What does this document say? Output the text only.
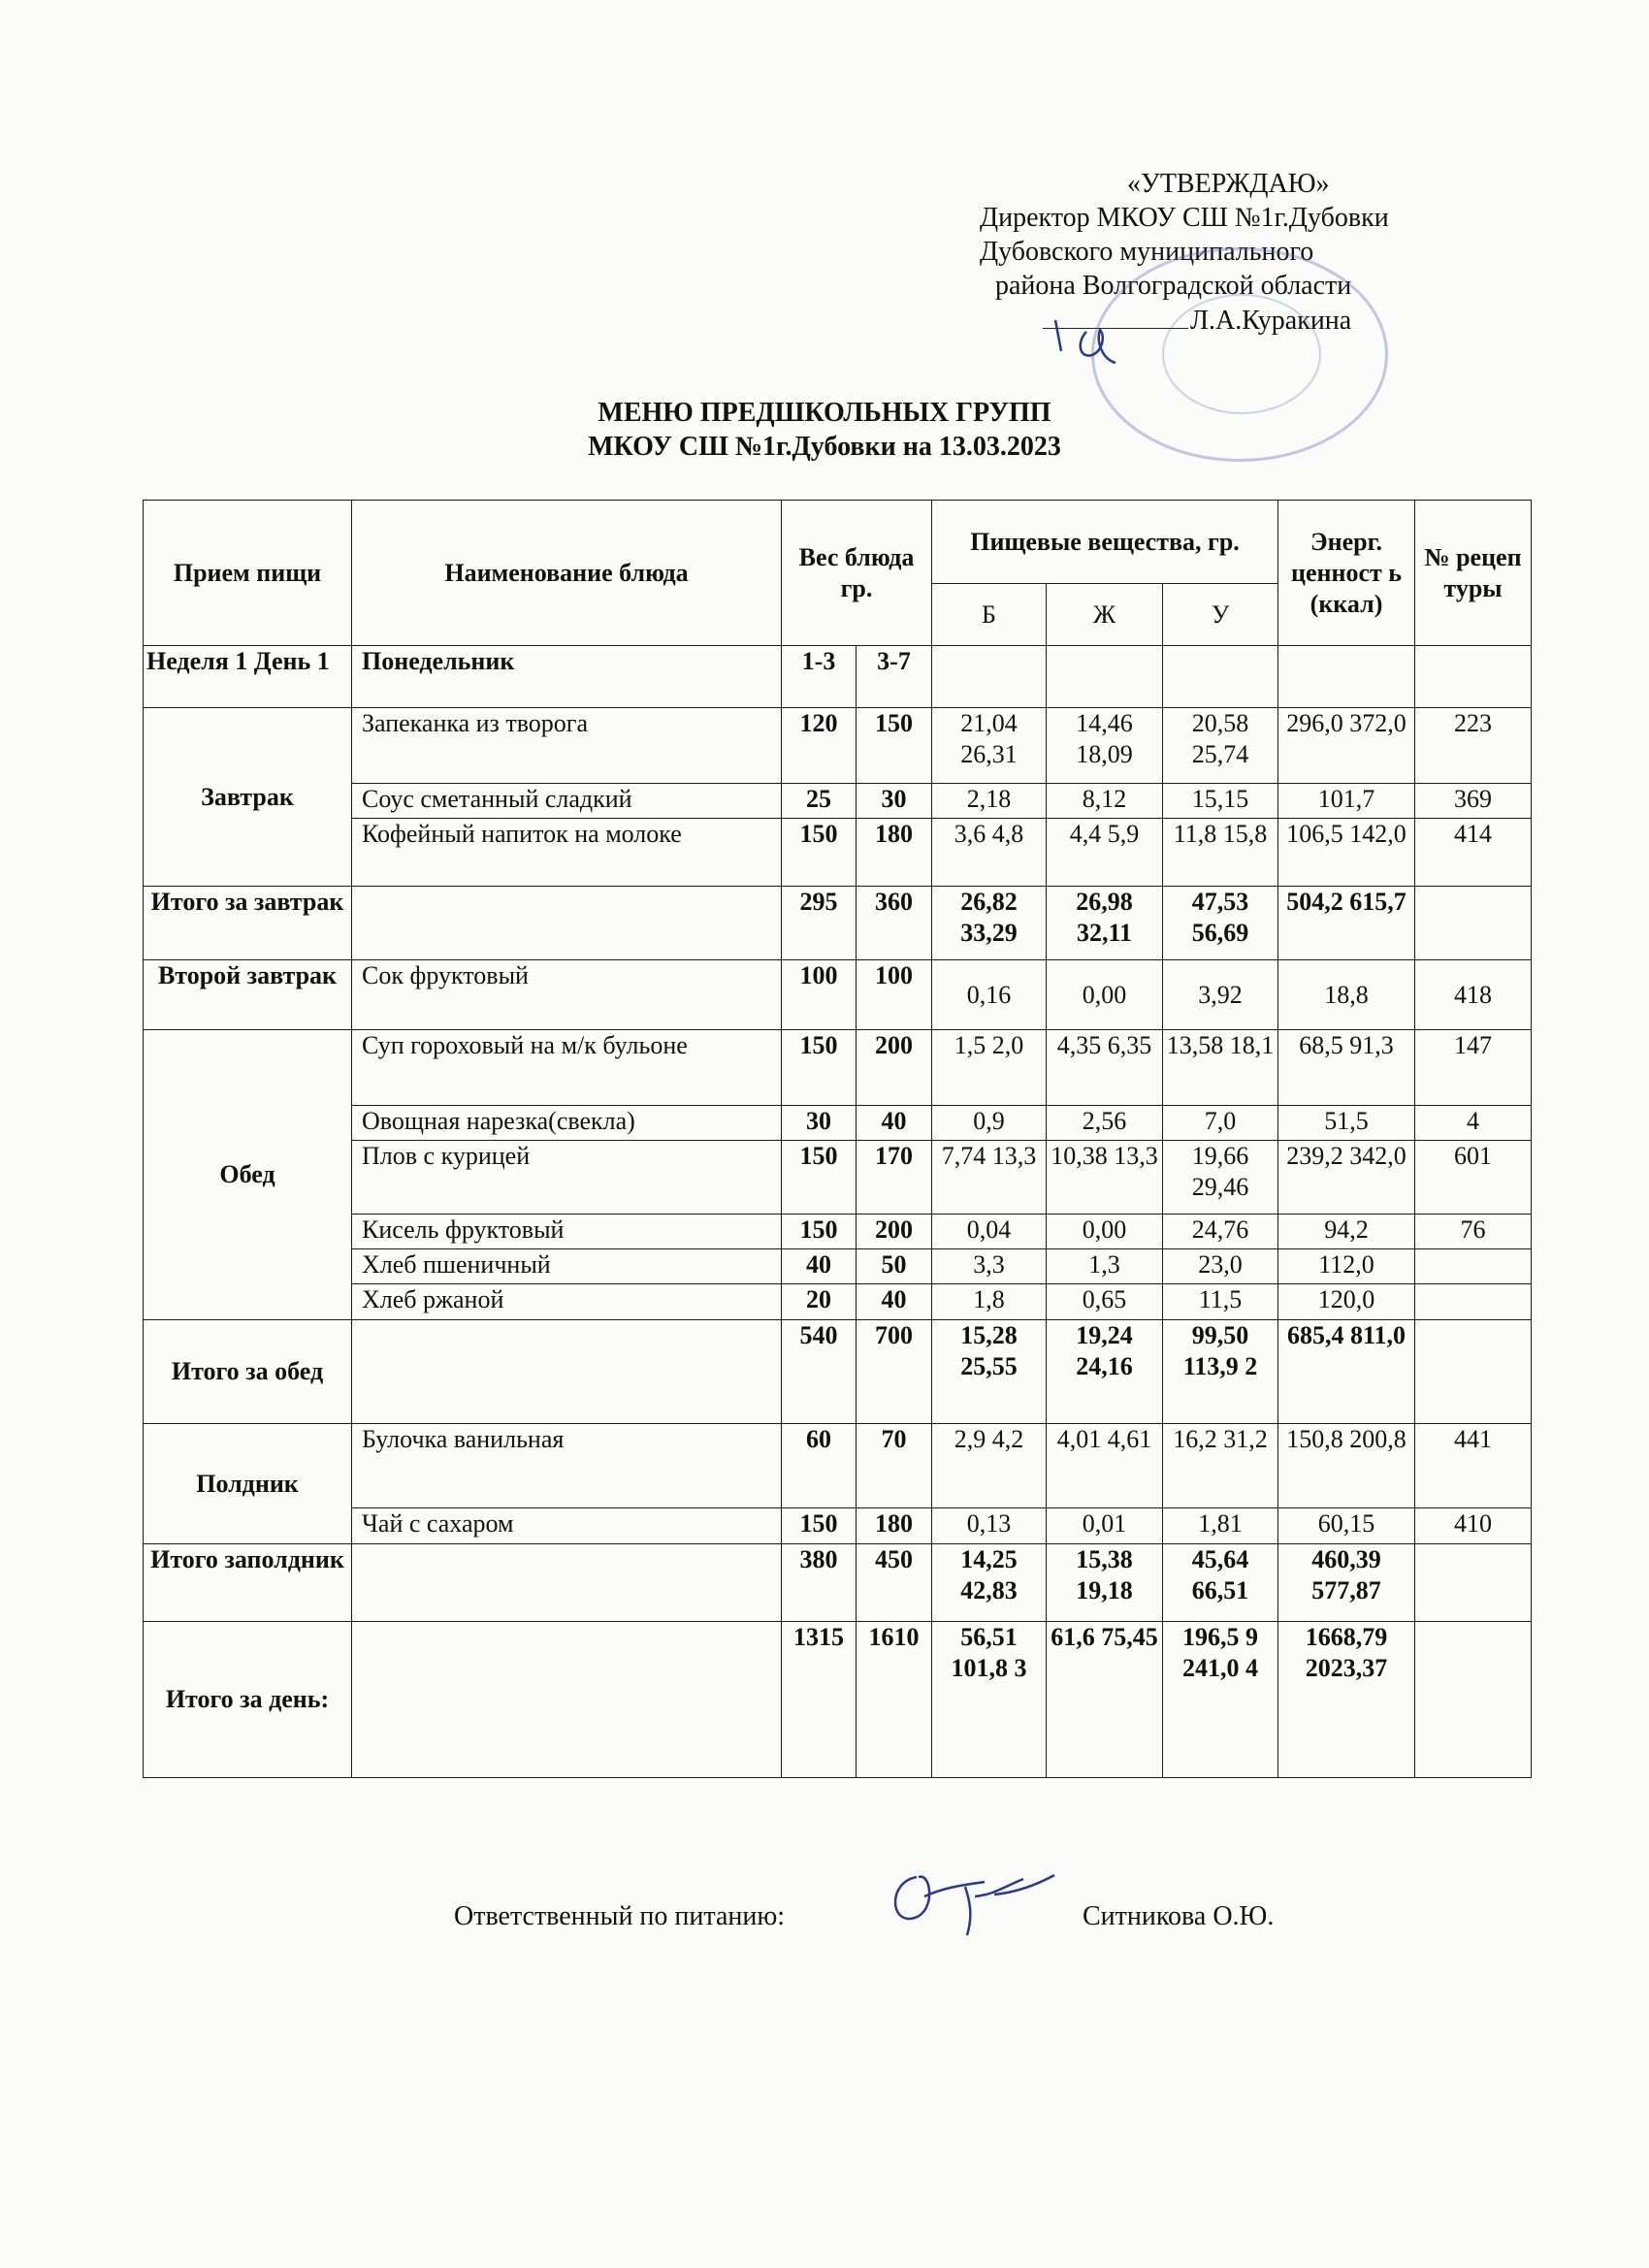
«УТВЕРЖДАЮ»
Директор МКОУ СШ №1г.Дубовки
Дубовского муниципального
района Волгоградской области
Л.А.Куракина
МЕНЮ ПРЕДШКОЛЬНЫХ ГРУПП
МКОУ СШ №1г.Дубовки на 13.03.2023
Прием пищи	Наименование блюда	Вес блюда гр.		Пищевые вещества, гр.			Энерг. ценност ь (ккал)	№ рецеп туры
				Б	Ж	У		
Неделя 1 День 1	Понедельник	1-3	3-7					
Завтрак	Запеканка из творога	120	150	21,04 26,31	14,46 18,09	20,58 25,74	296,0 372,0	223
	Соус сметанный сладкий	25	30	2,18	8,12	15,15	101,7	369
	Кофейный напиток на молоке	150	180	3,6 4,8	4,4 5,9	11,8 15,8	106,5 142,0	414
Итого за завтрак		295	360	26,82 33,29	26,98 32,11	47,53 56,69	504,2 615,7	
Второй завтрак	Сок фруктовый	100	100	0,16	0,00	3,92	18,8	418
Обед	Суп гороховый на м/к бульоне	150	200	1,5 2,0	4,35 6,35	13,58 18,1	68,5 91,3	147
	Овощная нарезка(свекла)	30	40	0,9	2,56	7,0	51,5	4
	Плов с курицей	150	170	7,74 13,3	10,38 13,3	19,66 29,46	239,2 342,0	601
	Кисель фруктовый	150	200	0,04	0,00	24,76	94,2	76
	Хлеб пшеничный	40	50	3,3	1,3	23,0	112,0	
	Хлеб ржаной	20	40	1,8	0,65	11,5	120,0	
Итого за обед		540	700	15,28 25,55	19,24 24,16	99,50 113,9 2	685,4 811,0	
Полдник	Булочка ванильная	60	70	2,9 4,2	4,01 4,61	16,2 31,2	150,8 200,8	441
	Чай с сахаром	150	180	0,13	0,01	1,81	60,15	410
Итого заполдник		380	450	14,25 42,83	15,38 19,18	45,64 66,51	460,39 577,87	
Итого за день:		1315	1610	56,51 101,8 3	61,6 75,45	196,5 9 241,0 4	1668,79 2023,37	
Ответственный по питанию:	Ситникова О.Ю.
